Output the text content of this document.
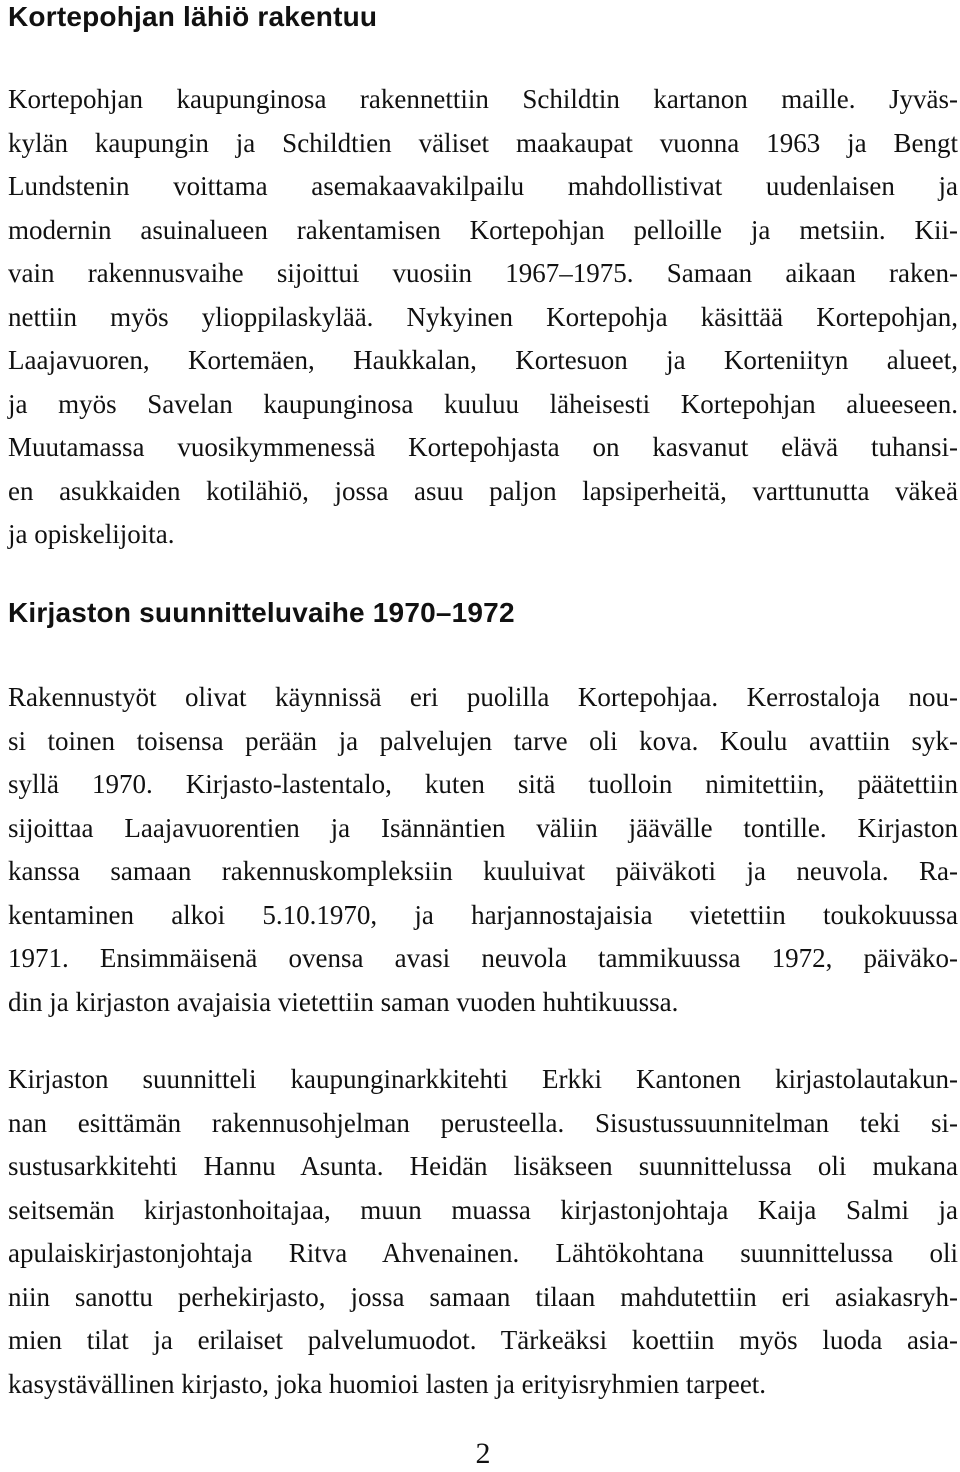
Kortepohjan lähiö rakentuu
Kortepohjan kaupunginosa rakennettiin Schildtin kartanon maille. Jyväs-
kylän kaupungin ja Schildtien väliset maakaupat vuonna 1963 ja Bengt
Lundstenin voittama asemakaavakilpailu mahdollistivat uudenlaisen ja
modernin asuinalueen rakentamisen Kortepohjan pelloille ja metsiin. Kii-
vain rakennusvaihe sijoittui vuosiin 1967–1975. Samaan aikaan raken-
nettiin myös ylioppilaskylää. Nykyinen Kortepohja käsittää Kortepohjan,
Laajavuoren, Kortemäen, Haukkalan, Kortesuon ja Korteniityn alueet,
ja myös Savelan kaupunginosa kuuluu läheisesti Kortepohjan alueeseen.
Muutamassa vuosikymmenessä Kortepohjasta on kasvanut elävä tuhansi-
en asukkaiden kotilähiö, jossa asuu paljon lapsiperheitä, varttunutta väkeä
ja opiskelijoita.
Kirjaston suunnitteluvaihe 1970–1972
Rakennustyöt olivat käynnissä eri puolilla Kortepohjaa. Kerrostaloja nou-
si toinen toisensa perään ja palvelujen tarve oli kova. Koulu avattiin syk-
syllä 1970. Kirjasto-lastentalo, kuten sitä tuolloin nimitettiin, päätettiin
sijoittaa Laajavuorentien ja Isännäntien väliin jäävälle tontille. Kirjaston
kanssa samaan rakennuskompleksiin kuuluivat päiväkoti ja neuvola. Ra-
kentaminen alkoi 5.10.1970, ja harjannostajaisia vietettiin toukokuussa
1971. Ensimmäisenä ovensa avasi neuvola tammikuussa 1972, päiväko-
din ja kirjaston avajaisia vietettiin saman vuoden huhtikuussa.
Kirjaston suunnitteli kaupunginarkkitehti Erkki Kantonen kirjastolautakun-
nan esittämän rakennusohjelman perusteella. Sisustussuunnitelman teki si-
sustusarkkitehti Hannu Asunta. Heidän lisäkseen suunnittelussa oli mukana
seitsemän kirjastonhoitajaa, muun muassa kirjastonjohtaja Kaija Salmi ja
apulaiskirjastonjohtaja Ritva Ahvenainen. Lähtökohtana suunnittelussa oli
niin sanottu perhekirjasto, jossa samaan tilaan mahdutettiin eri asiakasryh-
mien tilat ja erilaiset palvelumuodot. Tärkeäksi koettiin myös luoda asia-
kasystävällinen kirjasto, joka huomioi lasten ja erityisryhmien tarpeet.
2
